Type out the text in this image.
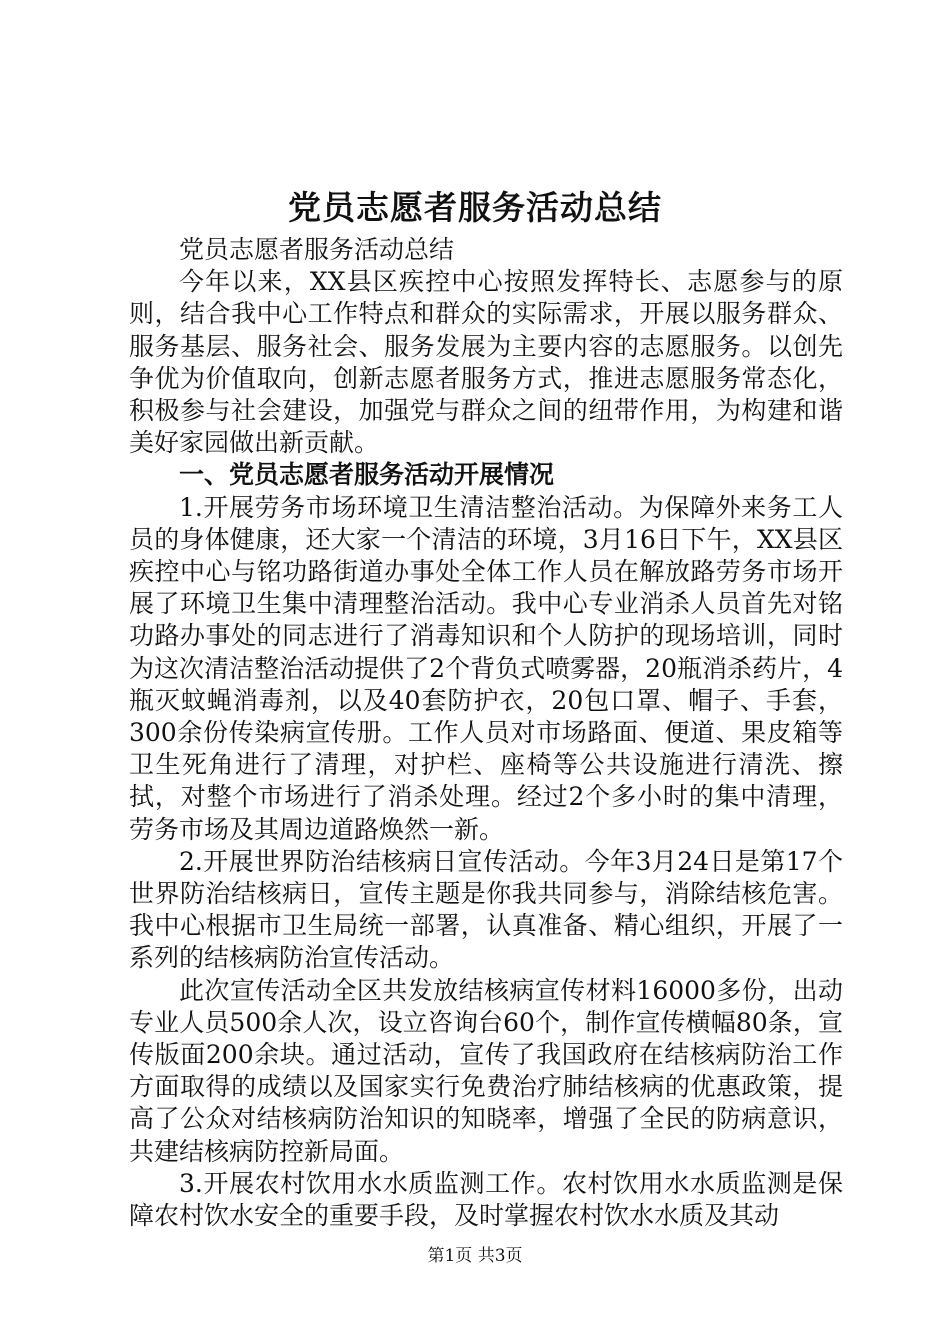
党员志愿者服务活动总结

党员志愿者服务活动总结

今年以来，XX县区疾控中心按照发挥特长、志愿参与的原则，结合我中心工作特点和群众的实际需求，开展以服务群众、服务基层、服务社会、服务发展为主要内容的志愿服务。以创先争优为价值取向，创新志愿者服务方式，推进志愿服务常态化，积极参与社会建设，加强党与群众之间的纽带作用，为构建和谐美好家园做出新贡献。

一、党员志愿者服务活动开展情况

1.开展劳务市场环境卫生清洁整治活动。为保障外来务工人员的身体健康，还大家一个清洁的环境，3月16日下午，XX县区疾控中心与铭功路街道办事处全体工作人员在解放路劳务市场开展了环境卫生集中清理整治活动。我中心专业消杀人员首先对铭功路办事处的同志进行了消毒知识和个人防护的现场培训，同时为这次清洁整治活动提供了2个背负式喷雾器，20瓶消杀药片，4瓶灭蚊蝇消毒剂，以及40套防护衣，20包口罩、帽子、手套，300余份传染病宣传册。工作人员对市场路面、便道、果皮箱等卫生死角进行了清理，对护栏、座椅等公共设施进行清洗、擦拭，对整个市场进行了消杀处理。经过2个多小时的集中清理，劳务市场及其周边道路焕然一新。

2.开展世界防治结核病日宣传活动。今年3月24日是第17个世界防治结核病日，宣传主题是你我共同参与，消除结核危害。我中心根据市卫生局统一部署，认真准备、精心组织，开展了一系列的结核病防治宣传活动。

此次宣传活动全区共发放结核病宣传材料16000多份，出动专业人员500余人次，设立咨询台60个，制作宣传横幅80条，宣传版面200余块。通过活动，宣传了我国政府在结核病防治工作方面取得的成绩以及国家实行免费治疗肺结核病的优惠政策，提高了公众对结核病防治知识的知晓率，增强了全民的防病意识，共建结核病防控新局面。

3.开展农村饮用水水质监测工作。农村饮用水水质监测是保障农村饮水安全的重要手段，及时掌握农村饮水水质及其动

第1页 共3页
